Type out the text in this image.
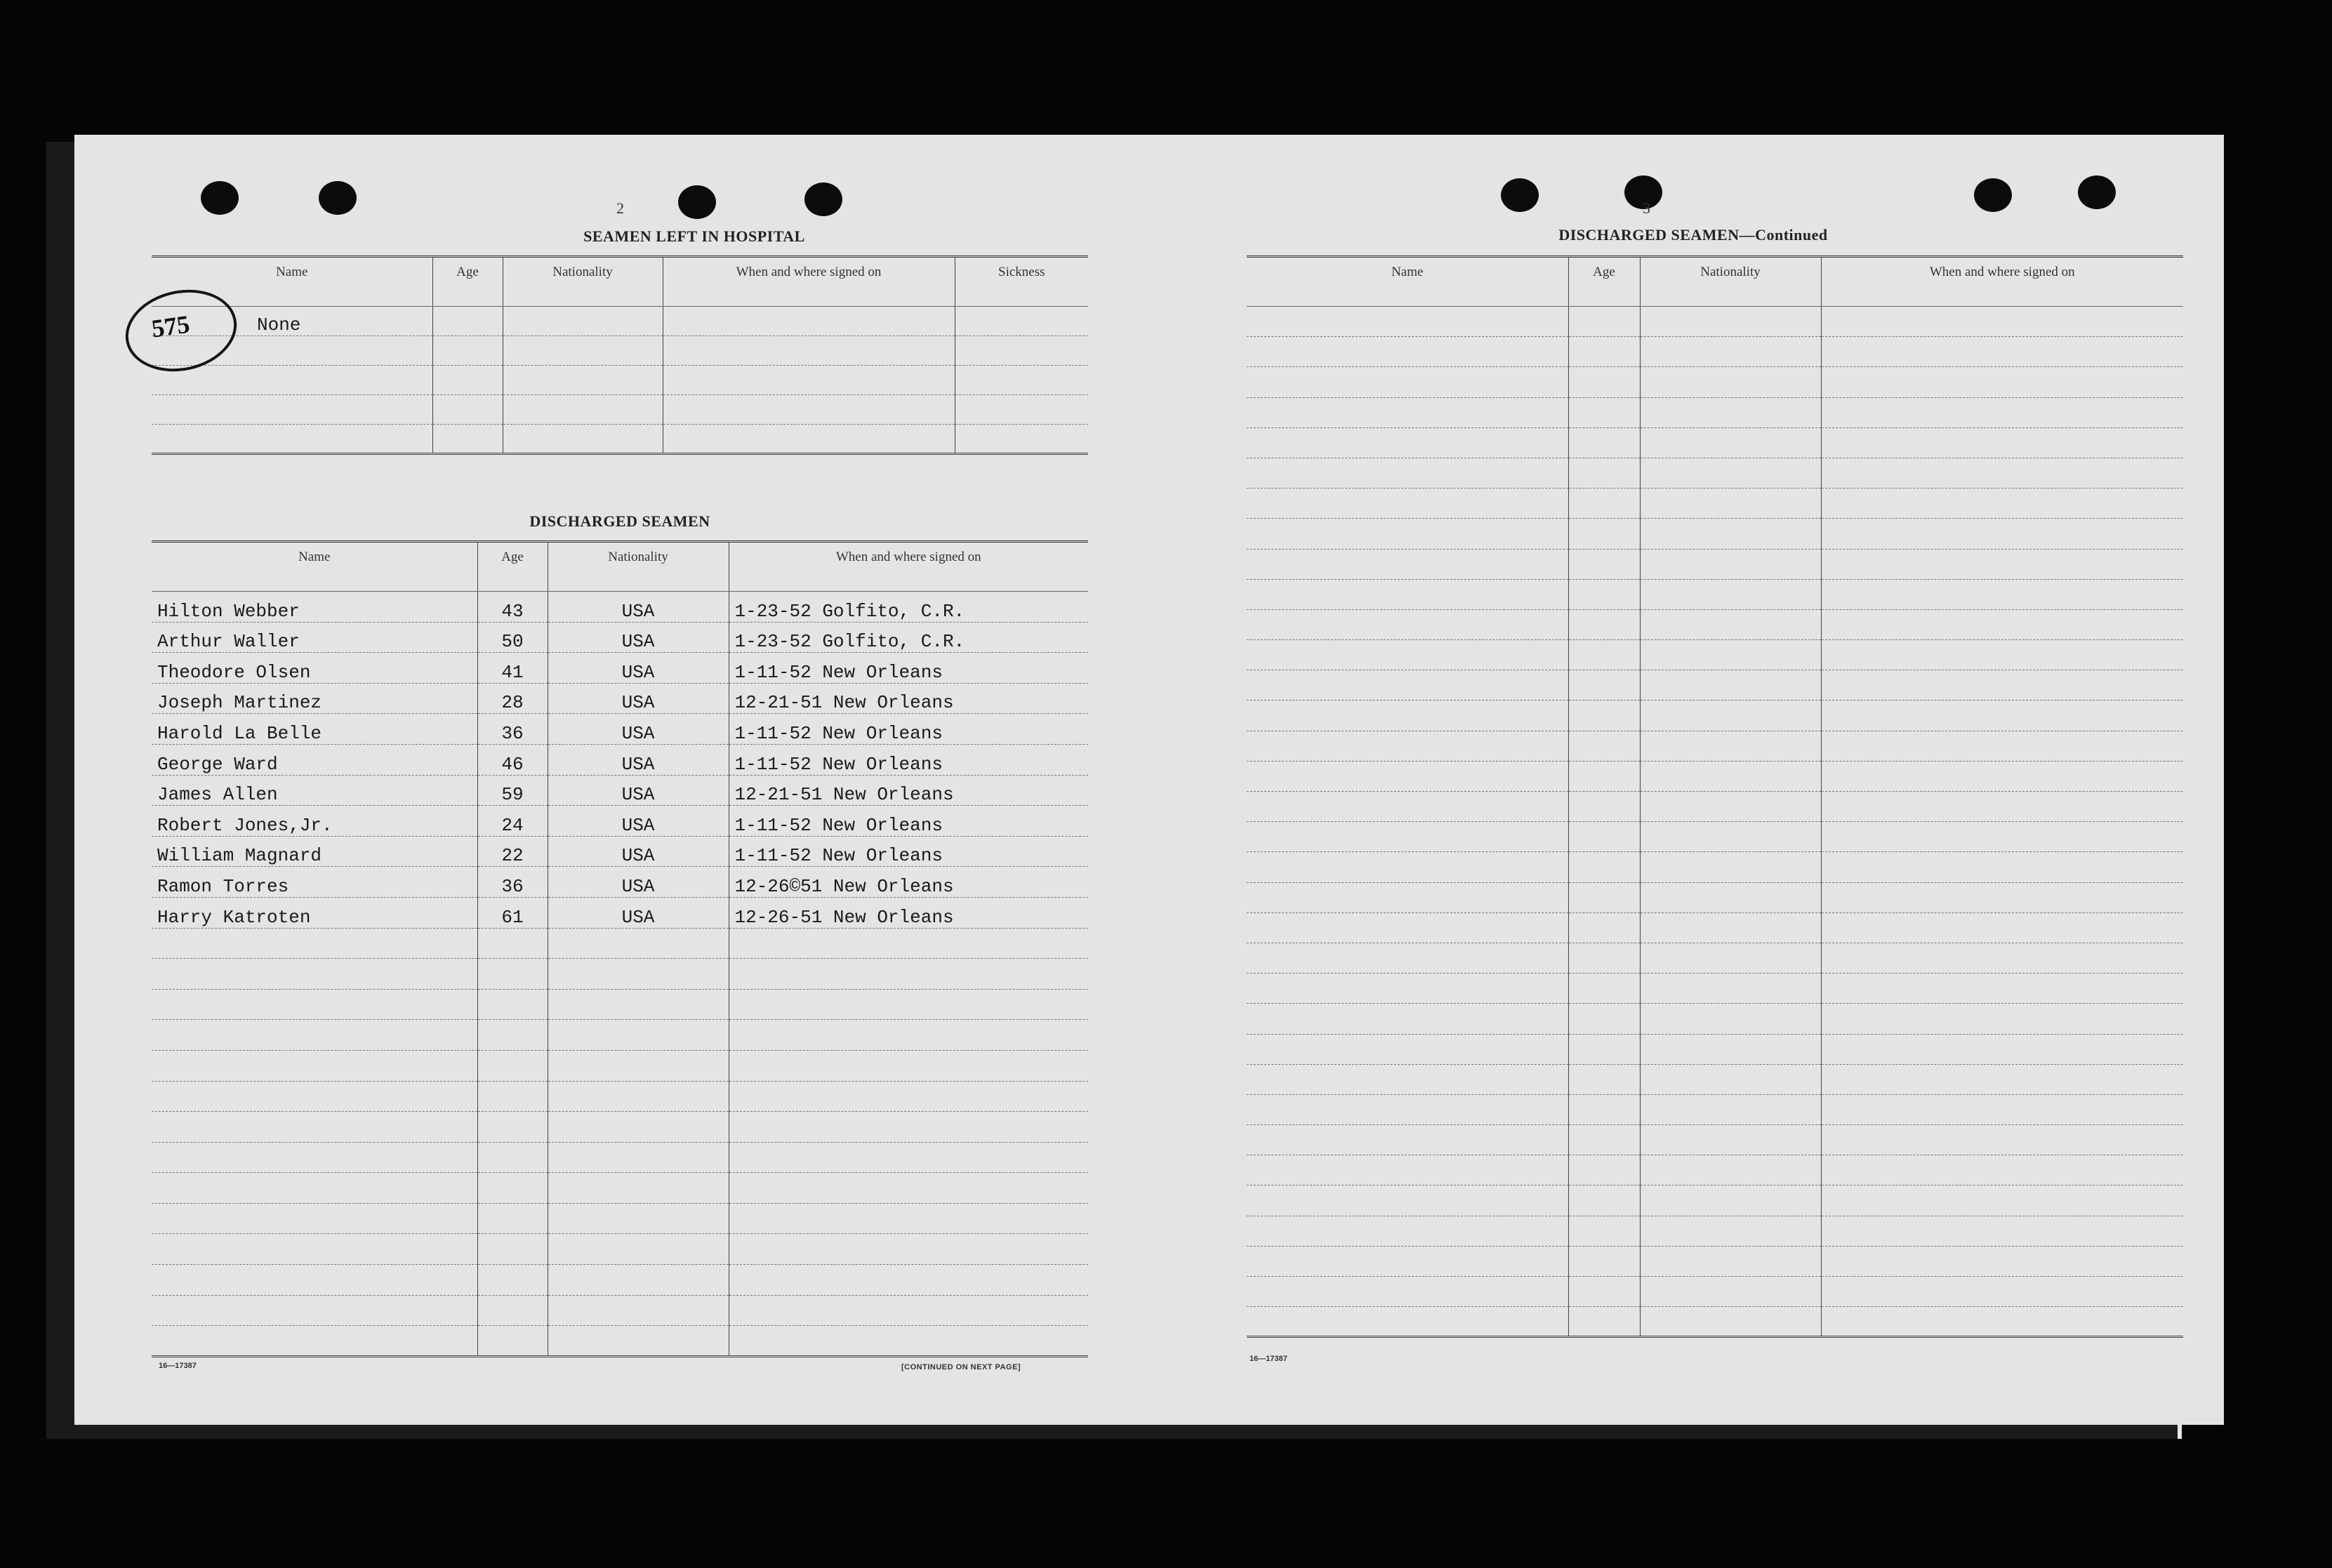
2
SEAMEN LEFT IN HOSPITAL
Name	Age	Nationality	When and where signed on	Sickness
None				

575
DISCHARGED SEAMEN
Name	Age	Nationality	When and where signed on
Hilton Webber	43	USA	1-23-52 Golfito, C.R.
Arthur Waller	50	USA	1-23-52 Golfito, C.R.
Theodore Olsen	41	USA	1-11-52 New Orleans
Joseph Martinez	28	USA	12-21-51 New Orleans
Harold La Belle	36	USA	1-11-52 New Orleans
George Ward	46	USA	1-11-52 New Orleans
James Allen	59	USA	12-21-51 New Orleans
Robert Jones,Jr.	24	USA	1-11-52 New Orleans
William Magnard	22	USA	1-11-52 New Orleans
Ramon Torres	36	USA	12-26©51 New Orleans
Harry Katroten	61	USA	12-26-51 New Orleans

16—17387	[CONTINUED ON NEXT PAGE]
3
DISCHARGED SEAMEN—Continued
Name	Age	Nationality	When and where signed on

16—17387
